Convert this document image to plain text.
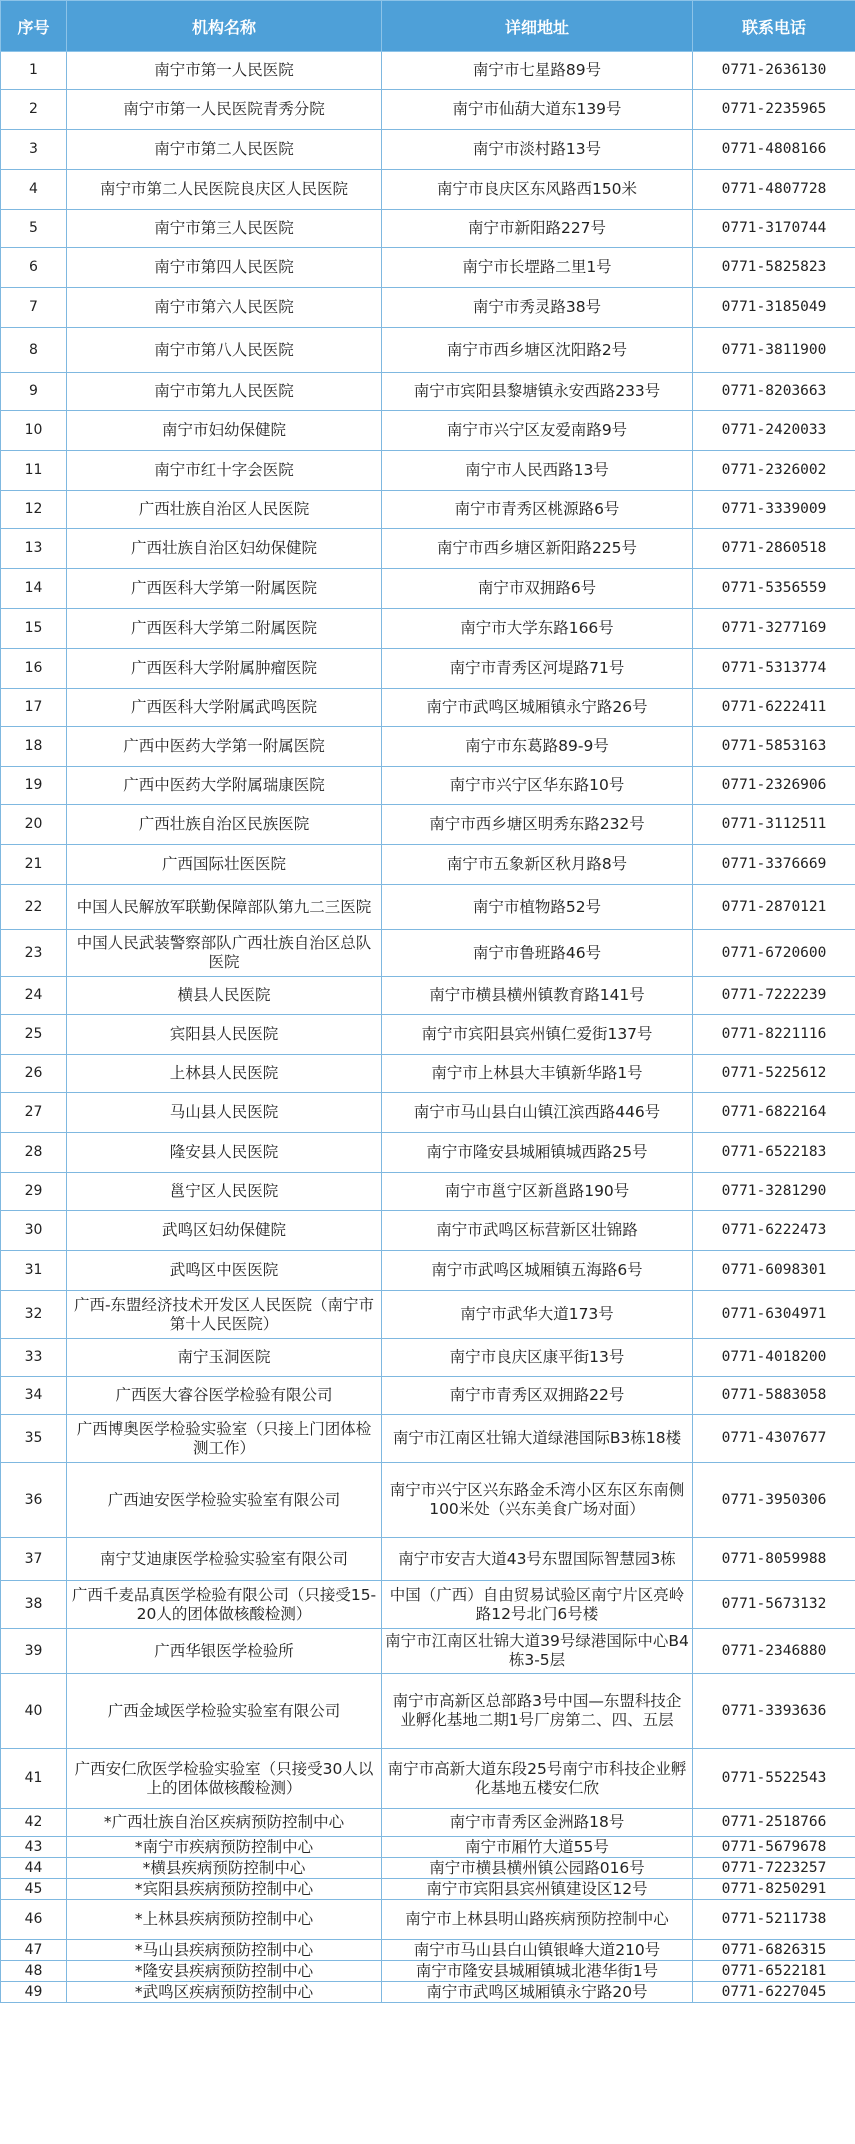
序号	机构名称	详细地址	联系电话
1	南宁市第一人民医院	南宁市七星路89号	0771-2636130
2	南宁市第一人民医院青秀分院	南宁市仙葫大道东139号	0771-2235965
3	南宁市第二人民医院	南宁市淡村路13号	0771-4808166
4	南宁市第二人民医院良庆区人民医院	南宁市良庆区东风路西150米	0771-4807728
5	南宁市第三人民医院	南宁市新阳路227号	0771-3170744
6	南宁市第四人民医院	南宁市长堽路二里1号	0771-5825823
7	南宁市第六人民医院	南宁市秀灵路38号	0771-3185049
8	南宁市第八人民医院	南宁市西乡塘区沈阳路2号	0771-3811900
9	南宁市第九人民医院	南宁市宾阳县黎塘镇永安西路233号	0771-8203663
10	南宁市妇幼保健院	南宁市兴宁区友爱南路9号	0771-2420033
11	南宁市红十字会医院	南宁市人民西路13号	0771-2326002
12	广西壮族自治区人民医院	南宁市青秀区桃源路6号	0771-3339009
13	广西壮族自治区妇幼保健院	南宁市西乡塘区新阳路225号	0771-2860518
14	广西医科大学第一附属医院	南宁市双拥路6号	0771-5356559
15	广西医科大学第二附属医院	南宁市大学东路166号	0771-3277169
16	广西医科大学附属肿瘤医院	南宁市青秀区河堤路71号	0771-5313774
17	广西医科大学附属武鸣医院	南宁市武鸣区城厢镇永宁路26号	0771-6222411
18	广西中医药大学第一附属医院	南宁市东葛路89-9号	0771-5853163
19	广西中医药大学附属瑞康医院	南宁市兴宁区华东路10号	0771-2326906
20	广西壮族自治区民族医院	南宁市西乡塘区明秀东路232号	0771-3112511
21	广西国际壮医医院	南宁市五象新区秋月路8号	0771-3376669
22	中国人民解放军联勤保障部队第九二三医院	南宁市植物路52号	0771-2870121
23	中国人民武装警察部队广西壮族自治区总队医院	南宁市鲁班路46号	0771-6720600
24	横县人民医院	南宁市横县横州镇教育路141号	0771-7222239
25	宾阳县人民医院	南宁市宾阳县宾州镇仁爱街137号	0771-8221116
26	上林县人民医院	南宁市上林县大丰镇新华路1号	0771-5225612
27	马山县人民医院	南宁市马山县白山镇江滨西路446号	0771-6822164
28	隆安县人民医院	南宁市隆安县城厢镇城西路25号	0771-6522183
29	邕宁区人民医院	南宁市邕宁区新邕路190号	0771-3281290
30	武鸣区妇幼保健院	南宁市武鸣区标营新区壮锦路	0771-6222473
31	武鸣区中医医院	南宁市武鸣区城厢镇五海路6号	0771-6098301
32	广西-东盟经济技术开发区人民医院（南宁市第十人民医院）	南宁市武华大道173号	0771-6304971
33	南宁玉洞医院	南宁市良庆区康平街13号	0771-4018200
34	广西医大睿谷医学检验有限公司	南宁市青秀区双拥路22号	0771-5883058
35	广西博奥医学检验实验室（只接上门团体检测工作）	南宁市江南区壮锦大道绿港国际B3栋18楼	0771-4307677
36	广西迪安医学检验实验室有限公司	南宁市兴宁区兴东路金禾湾小区东区东南侧100米处（兴东美食广场对面）	0771-3950306
37	南宁艾迪康医学检验实验室有限公司	南宁市安吉大道43号东盟国际智慧园3栋	0771-8059988
38	广西千麦品真医学检验有限公司（只接受15-20人的团体做核酸检测）	中国（广西）自由贸易试验区南宁片区亮岭路12号北门6号楼	0771-5673132
39	广西华银医学检验所	南宁市江南区壮锦大道39号绿港国际中心B4栋3-5层	0771-2346880
40	广西金域医学检验实验室有限公司	南宁市高新区总部路3号中国—东盟科技企业孵化基地二期1号厂房第二、四、五层	0771-3393636
41	广西安仁欣医学检验实验室（只接受30人以上的团体做核酸检测）	南宁市高新大道东段25号南宁市科技企业孵化基地五楼安仁欣	0771-5522543
42	*广西壮族自治区疾病预防控制中心	南宁市青秀区金洲路18号	0771-2518766
43	*南宁市疾病预防控制中心	南宁市厢竹大道55号	0771-5679678
44	*横县疾病预防控制中心	南宁市横县横州镇公园路016号	0771-7223257
45	*宾阳县疾病预防控制中心	南宁市宾阳县宾州镇建设区12号	0771-8250291
46	*上林县疾病预防控制中心	南宁市上林县明山路疾病预防控制中心	0771-5211738
47	*马山县疾病预防控制中心	南宁市马山县白山镇银峰大道210号	0771-6826315
48	*隆安县疾病预防控制中心	南宁市隆安县城厢镇城北港华街1号	0771-6522181
49	*武鸣区疾病预防控制中心	南宁市武鸣区城厢镇永宁路20号	0771-6227045
